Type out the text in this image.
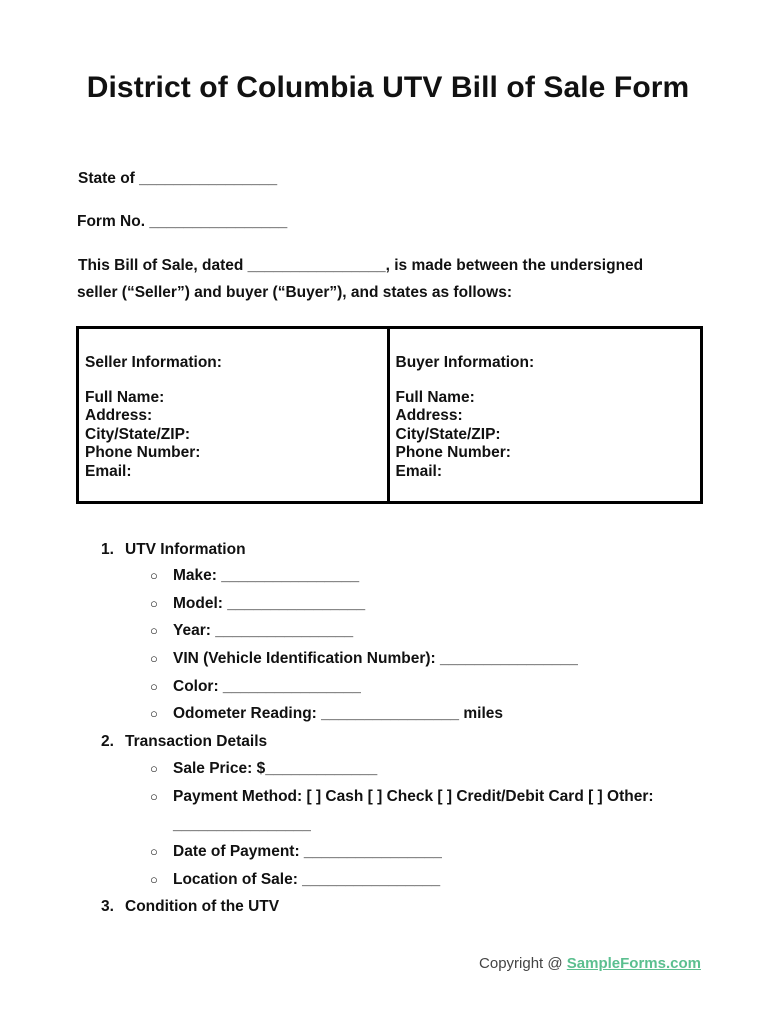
District of Columbia UTV Bill of Sale Form
State of ________________
Form No. ________________
This Bill of Sale, dated ________________, is made between the undersigned
seller (“Seller”) and buyer (“Buyer”), and states as follows:
Seller Information:
Full Name:
Address:
City/State/ZIP:
Phone Number:
Email:
Buyer Information:
Full Name:
Address:
City/State/ZIP:
Phone Number:
Email:
1. UTV Information
○ Make: ________________
○ Model: ________________
○ Year: ________________
○ VIN (Vehicle Identification Number): ________________
○ Color: ________________
○ Odometer Reading: ________________ miles
2. Transaction Details
○ Sale Price: $_____________
○ Payment Method: [ ] Cash [ ] Check [ ] Credit/Debit Card [ ] Other:
________________
○ Date of Payment: ________________
○ Location of Sale: ________________
3. Condition of the UTV
Copyright @ SampleForms.com
